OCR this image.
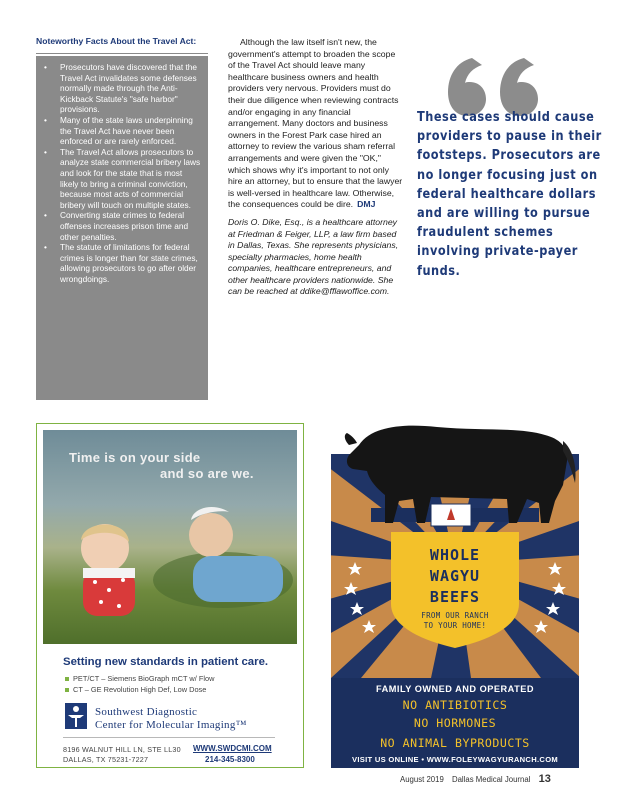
Noteworthy Facts About the Travel Act:
• Prosecutors have discovered that the Travel Act invalidates some defenses normally made through the Anti-Kickback Statute's "safe harbor" provisions.
• Many of the state laws underpinning the Travel Act have never been enforced or are rarely enforced.
• The Travel Act allows prosecutors to analyze state commercial bribery laws and look for the state that is most likely to bring a criminal conviction, because most acts of commercial bribery will touch on multiple states.
• Converting state crimes to federal offenses increases prison time and other penalties.
• The statute of limitations for federal crimes is longer than for state crimes, allowing prosecutors to go after older wrongdoings.

Although the law itself isn't new, the government's attempt to broaden the scope of the Travel Act should leave many healthcare business owners and health providers very nervous. Providers must do their due diligence when reviewing contracts and/or engaging in any financial arrangement. Many doctors and business owners in the Forest Park case hired an attorney to review the various sham referral arrangements and were given the "OK," which shows why it's important to not only hire an attorney, but to ensure that the lawyer is well-versed in healthcare law. Otherwise, the consequences could be dire. DMJ

Doris O. Dike, Esq., is a healthcare attorney at Friedman & Feiger, LLP, a law firm based in Dallas, Texas. She represents physicians, specialty pharmacies, home health companies, healthcare entrepreneurs, and other healthcare providers nationwide. She can be reached at ddike@fflawoffice.com.

These cases should cause providers to pause in their footsteps. Prosecutors are no longer focusing just on federal healthcare dollars and are willing to pursue fraudulent schemes involving private-payer funds.
Time is on your side
and so are we.
Setting new standards in patient care.
PET/CT – Siemens BioGraph mCT w/ Flow
CT – GE Revolution High Def, Low Dose
Southwest Diagnostic
Center for Molecular Imaging™
8196 WALNUT HILL LN, STE LL30
DALLAS, TX 75231-7227
WWW.SWDCMI.COM
214-345-8300
WHOLE
WAGYU
BEEFS
FROM OUR RANCH
TO YOUR HOME!
FAMILY OWNED AND OPERATED
NO ANTIBIOTICS
NO HORMONES
NO ANIMAL BYPRODUCTS
VISIT US ONLINE • WWW.FOLEYWAGYURANCH.COM
August 2019 Dallas Medical Journal 13
